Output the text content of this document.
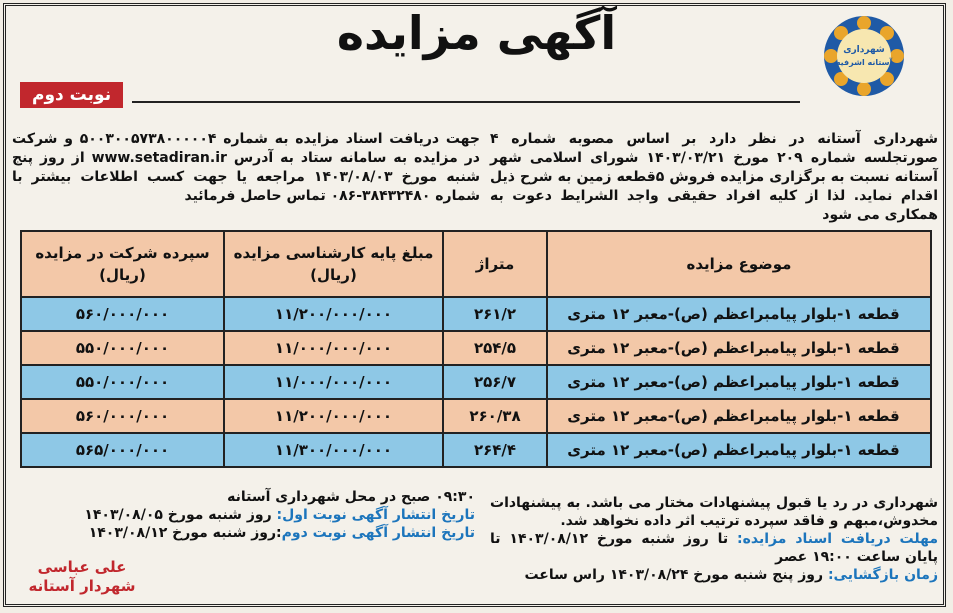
شهرداری
آستانه اشرفیه
آگهی مزایده
نوبت دوم
شهرداری آستانه در نظر دارد بر اساس مصوبه شماره ۴ صورتجلسه شماره ۲۰۹ مورخ ۱۴۰۳/۰۳/۲۱ شورای اسلامی شهر آستانه نسبت به برگزاری مزایده فروش ۵قطعه زمین به شرح ذیل اقدام نماید. لذا از کلیه افراد حقیقی واجد الشرایط دعوت به همکاری می شود
جهت دریافت اسناد مزایده به شماره ۵۰۰۳۰۰۵۷۳۸۰۰۰۰۰۴ و شرکت در مزایده به سامانه ستاد به آدرس www.setadiran.ir از روز پنج شنبه مورخ ۱۴۰۳/۰۸/۰۳ مراجعه یا جهت کسب اطلاعات بیشتر با شماره ۳۸۴۳۲۴۸۰-۰۸۶ تماس حاصل فرمائید
موضوع مزایده	متراژ	مبلغ پایه کارشناسی مزایده (ریال)	سپرده شرکت در مزایده (ریال)
قطعه ۱-بلوار پیامبراعظم (ص)-معبر ۱۲ متری	۲۶۱/۲	۱۱/۲۰۰/۰۰۰/۰۰۰	۵۶۰/۰۰۰/۰۰۰
قطعه ۱-بلوار پیامبراعظم (ص)-معبر ۱۲ متری	۲۵۴/۵	۱۱/۰۰۰/۰۰۰/۰۰۰	۵۵۰/۰۰۰/۰۰۰
قطعه ۱-بلوار پیامبراعظم (ص)-معبر ۱۲ متری	۲۵۶/۷	۱۱/۰۰۰/۰۰۰/۰۰۰	۵۵۰/۰۰۰/۰۰۰
قطعه ۱-بلوار پیامبراعظم (ص)-معبر ۱۲ متری	۲۶۰/۳۸	۱۱/۲۰۰/۰۰۰/۰۰۰	۵۶۰/۰۰۰/۰۰۰
قطعه ۱-بلوار پیامبراعظم (ص)-معبر ۱۲ متری	۲۶۴/۴	۱۱/۳۰۰/۰۰۰/۰۰۰	۵۶۵/۰۰۰/۰۰۰
شهرداری در رد یا قبول پیشنهادات مختار می باشد. به پیشنهادات مخدوش،مبهم و فاقد سپرده ترتیب اثر داده نخواهد شد.
مهلت دریافت اسناد مزایده: تا روز شنبه مورخ ۱۴۰۳/۰۸/۱۲ تا پایان ساعت ۱۹:۰۰ عصر
زمان بازگشایی: روز پنج شنبه مورخ ۱۴۰۳/۰۸/۲۴ راس ساعت
۰۹:۳۰ صبح در محل شهرداری آستانه
تاریخ انتشار آگهی نوبت اول: روز شنبه مورخ ۱۴۰۳/۰۸/۰۵
تاریخ انتشار آگهی نوبت دوم:روز شنبه مورخ ۱۴۰۳/۰۸/۱۲
علی عباسی
شهردار آستانه
